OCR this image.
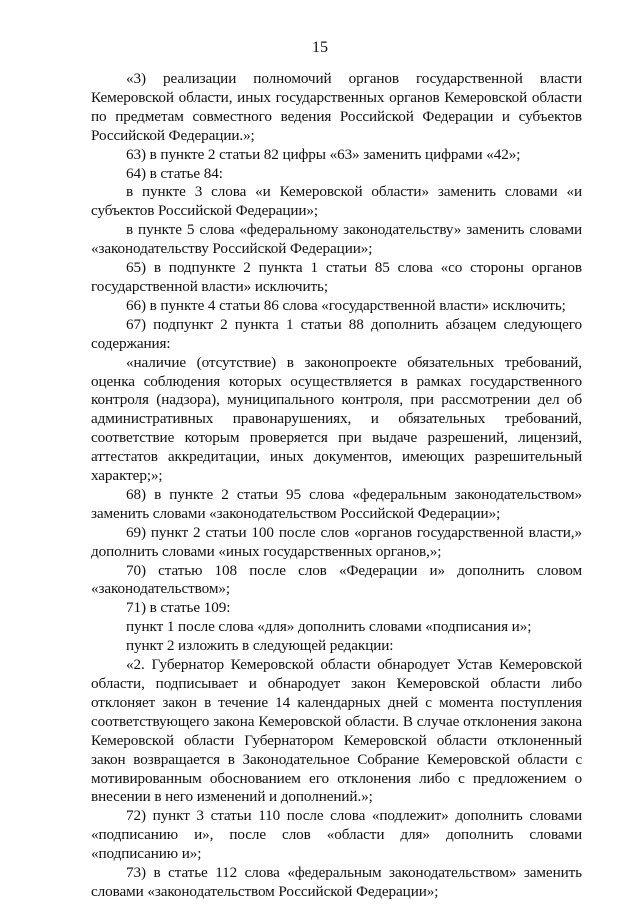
15

«3) реализации полномочий органов государственной власти Кемеровской области, иных государственных органов Кемеровской области по предметам совместного ведения Российской Федерации и субъектов Российской Федерации.»;

63) в пункте 2 статьи 82 цифры «63» заменить цифрами «42»;

64) в статье 84:

в пункте 3 слова «и Кемеровской области» заменить словами «и субъектов Российской Федерации»;

в пункте 5 слова «федеральному законодательству» заменить словами «законодательству Российской Федерации»;

65) в подпункте 2 пункта 1 статьи 85 слова «со стороны органов государственной власти» исключить;

66) в пункте 4 статьи 86 слова «государственной власти» исключить;

67) подпункт 2 пункта 1 статьи 88 дополнить абзацем следующего содержания:

«наличие (отсутствие) в законопроекте обязательных требований, оценка соблюдения которых осуществляется в рамках государственного контроля (надзора), муниципального контроля, при рассмотрении дел об административных правонарушениях, и обязательных требований, соответствие которым проверяется при выдаче разрешений, лицензий, аттестатов аккредитации, иных документов, имеющих разрешительный характер;»;

68) в пункте 2 статьи 95 слова «федеральным законодательством» заменить словами «законодательством Российской Федерации»;

69) пункт 2 статьи 100 после слов «органов государственной власти,» дополнить словами «иных государственных органов,»;

70) статью 108 после слов «Федерации и» дополнить словом «законодательством»;

71) в статье 109:

пункт 1 после слова «для» дополнить словами «подписания и»;

пункт 2 изложить в следующей редакции:

«2. Губернатор Кемеровской области обнародует Устав Кемеровской области, подписывает и обнародует закон Кемеровской области либо отклоняет закон в течение 14 календарных дней с момента поступления соответствующего закона Кемеровской области. В случае отклонения закона Кемеровской области Губернатором Кемеровской области отклоненный закон возвращается в Законодательное Собрание Кемеровской области с мотивированным обоснованием его отклонения либо с предложением о внесении в него изменений и дополнений.»;

72) пункт 3 статьи 110 после слова «подлежит» дополнить словами «подписанию и», после слов «области для» дополнить словами «подписанию и»;

73) в статье 112 слова «федеральным законодательством» заменить словами «законодательством Российской Федерации»;
